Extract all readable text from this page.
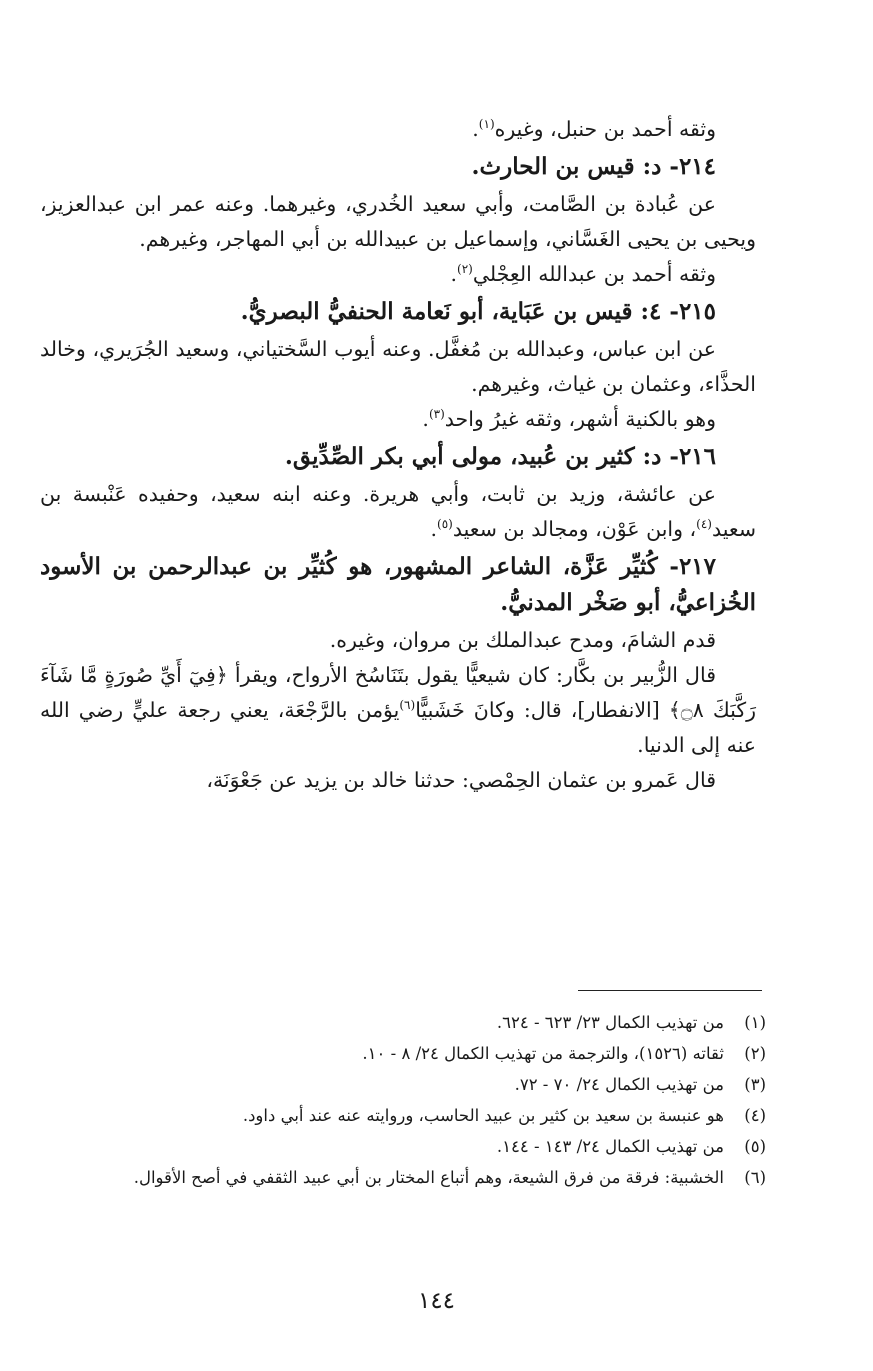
وثقه أحمد بن حنبل، وغيره$^{(١)}$.

٢١٤- د: قيس بن الحارث.

عن عُبادة بن الصَّامت، وأبي سعيد الخُدري، وغيرهما. وعنه عمر ابن عبدالعزيز، ويحيى بن يحيى الغَسَّاني، وإسماعيل بن عبيدالله بن أبي المهاجر، وغيرهم.

وثقه أحمد بن عبدالله العِجْلي$^{(٢)}$.

٢١٥- ٤: قيس بن عَبَاية، أبو نَعامة الحنفيُّ البصريُّ.

عن ابن عباس، وعبدالله بن مُغفَّل. وعنه أيوب السَّختياني، وسعيد الجُرَيري، وخالد الحذَّاء، وعثمان بن غياث، وغيرهم.

وهو بالكنية أشهر، وثقه غيرُ واحد$^{(٣)}$.

٢١٦- د: كثير بن عُبيد، مولى أبي بكر الصِّدِّيق.

عن عائشة، وزيد بن ثابت، وأبي هريرة. وعنه ابنه سعيد، وحفيده عَنْبسة بن سعيد$^{(٤)}$، وابن عَوْن، ومجالد بن سعيد$^{(٥)}$.

٢١٧- كُثيِّر عَزَّة، الشاعر المشهور، هو كُثيِّر بن عبدالرحمن بن الأسود الخُزاعيُّ، أبو صَخْر المدنيُّ.

قدم الشامَ، ومدح عبدالملك بن مروان، وغيره.

قال الزُّبير بن بكَّار: كان شيعيًّا يقول بتَنَاسُخ الأرواح، ويقرأ ﴿فِيٓ أَيِّ صُورَةٍ مَّا شَآءَ رَكَّبَكَ ۝٨﴾ [الانفطار]، قال: وكانَ خَشَبيًّا$^{(٦)}$يؤمن بالرَّجْعَة، يعني رجعة عليٍّ رضي الله عنه إلى الدنيا.

قال عَمرو بن عثمان الحِمْصي: حدثنا خالد بن يزيد عن جَعْوَنَة،

(١)
من تهذيب الكمال ٢٣/ ٦٢٣ - ٦٢٤.
(٢)
ثقاته (١٥٢٦)، والترجمة من تهذيب الكمال ٢٤/ ٨ - ١٠.
(٣)
من تهذيب الكمال ٢٤/ ٧٠ - ٧٢.
(٤)
هو عنبسة بن سعيد بن كثير بن عبيد الحاسب، وروايته عنه عند أبي داود.
(٥)
من تهذيب الكمال ٢٤/ ١٤٣ - ١٤٤.
(٦)
الخشبية: فرقة من فرق الشيعة، وهم أتباع المختار بن أبي عبيد الثقفي في أصح الأقوال.
١٤٤
